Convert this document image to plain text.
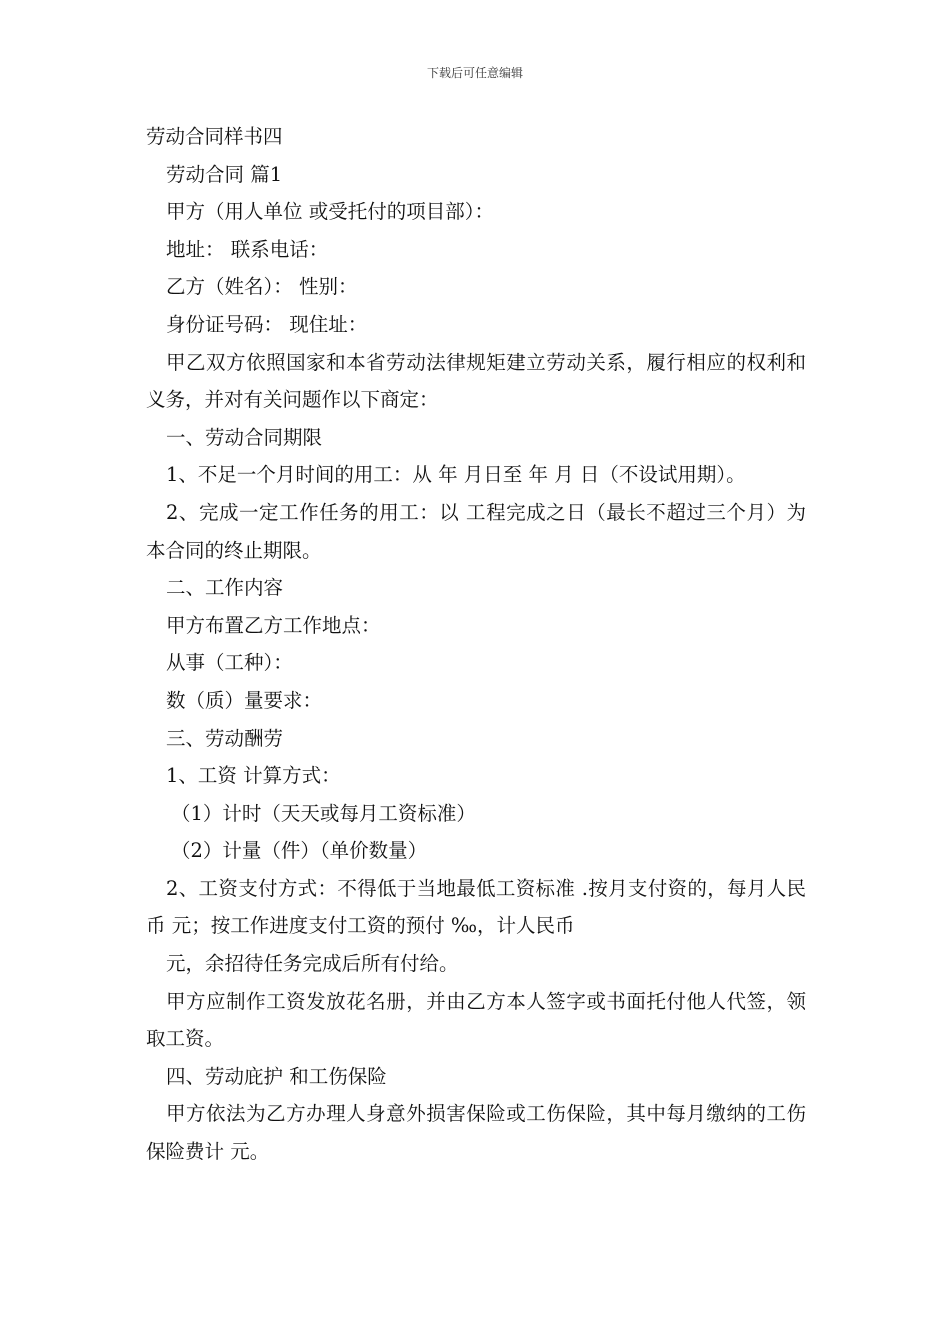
下载后可任意编辑
劳动合同样书四
劳动合同 篇1
甲方（用人单位 或受托付的项目部）：
地址： 联系电话：
乙方（姓名）： 性别：
身份证号码： 现住址：

甲乙双方依照国家和本省劳动法律规矩建立劳动关系，履行相应的权利和义务，并对有关问题作以下商定：

一、劳动合同期限

1、不足一个月时间的用工：从 年 月日至 年 月 日（不设试用期）。

2、完成一定工作任务的用工：以 工程完成之日（最长不超过三个月）为本合同的终止期限。

二、工作内容
甲方布置乙方工作地点：
从事（工种）：
数（质）量要求：
三、劳动酬劳
1、工资 计算方式：
（1）计时（天天或每月工资标准）
（2）计量（件）（单价数量）

2、工资支付方式：不得低于当地最低工资标准 .按月支付资的，每月人民币 元；按工作进度支付工资的预付 ‰，计人民币

元，余招待任务完成后所有付给。

甲方应制作工资发放花名册，并由乙方本人签字或书面托付他人代签，领取工资。

四、劳动庇护 和工伤保险

甲方依法为乙方办理人身意外损害保险或工伤保险，其中每月缴纳的工伤保险费计 元。
